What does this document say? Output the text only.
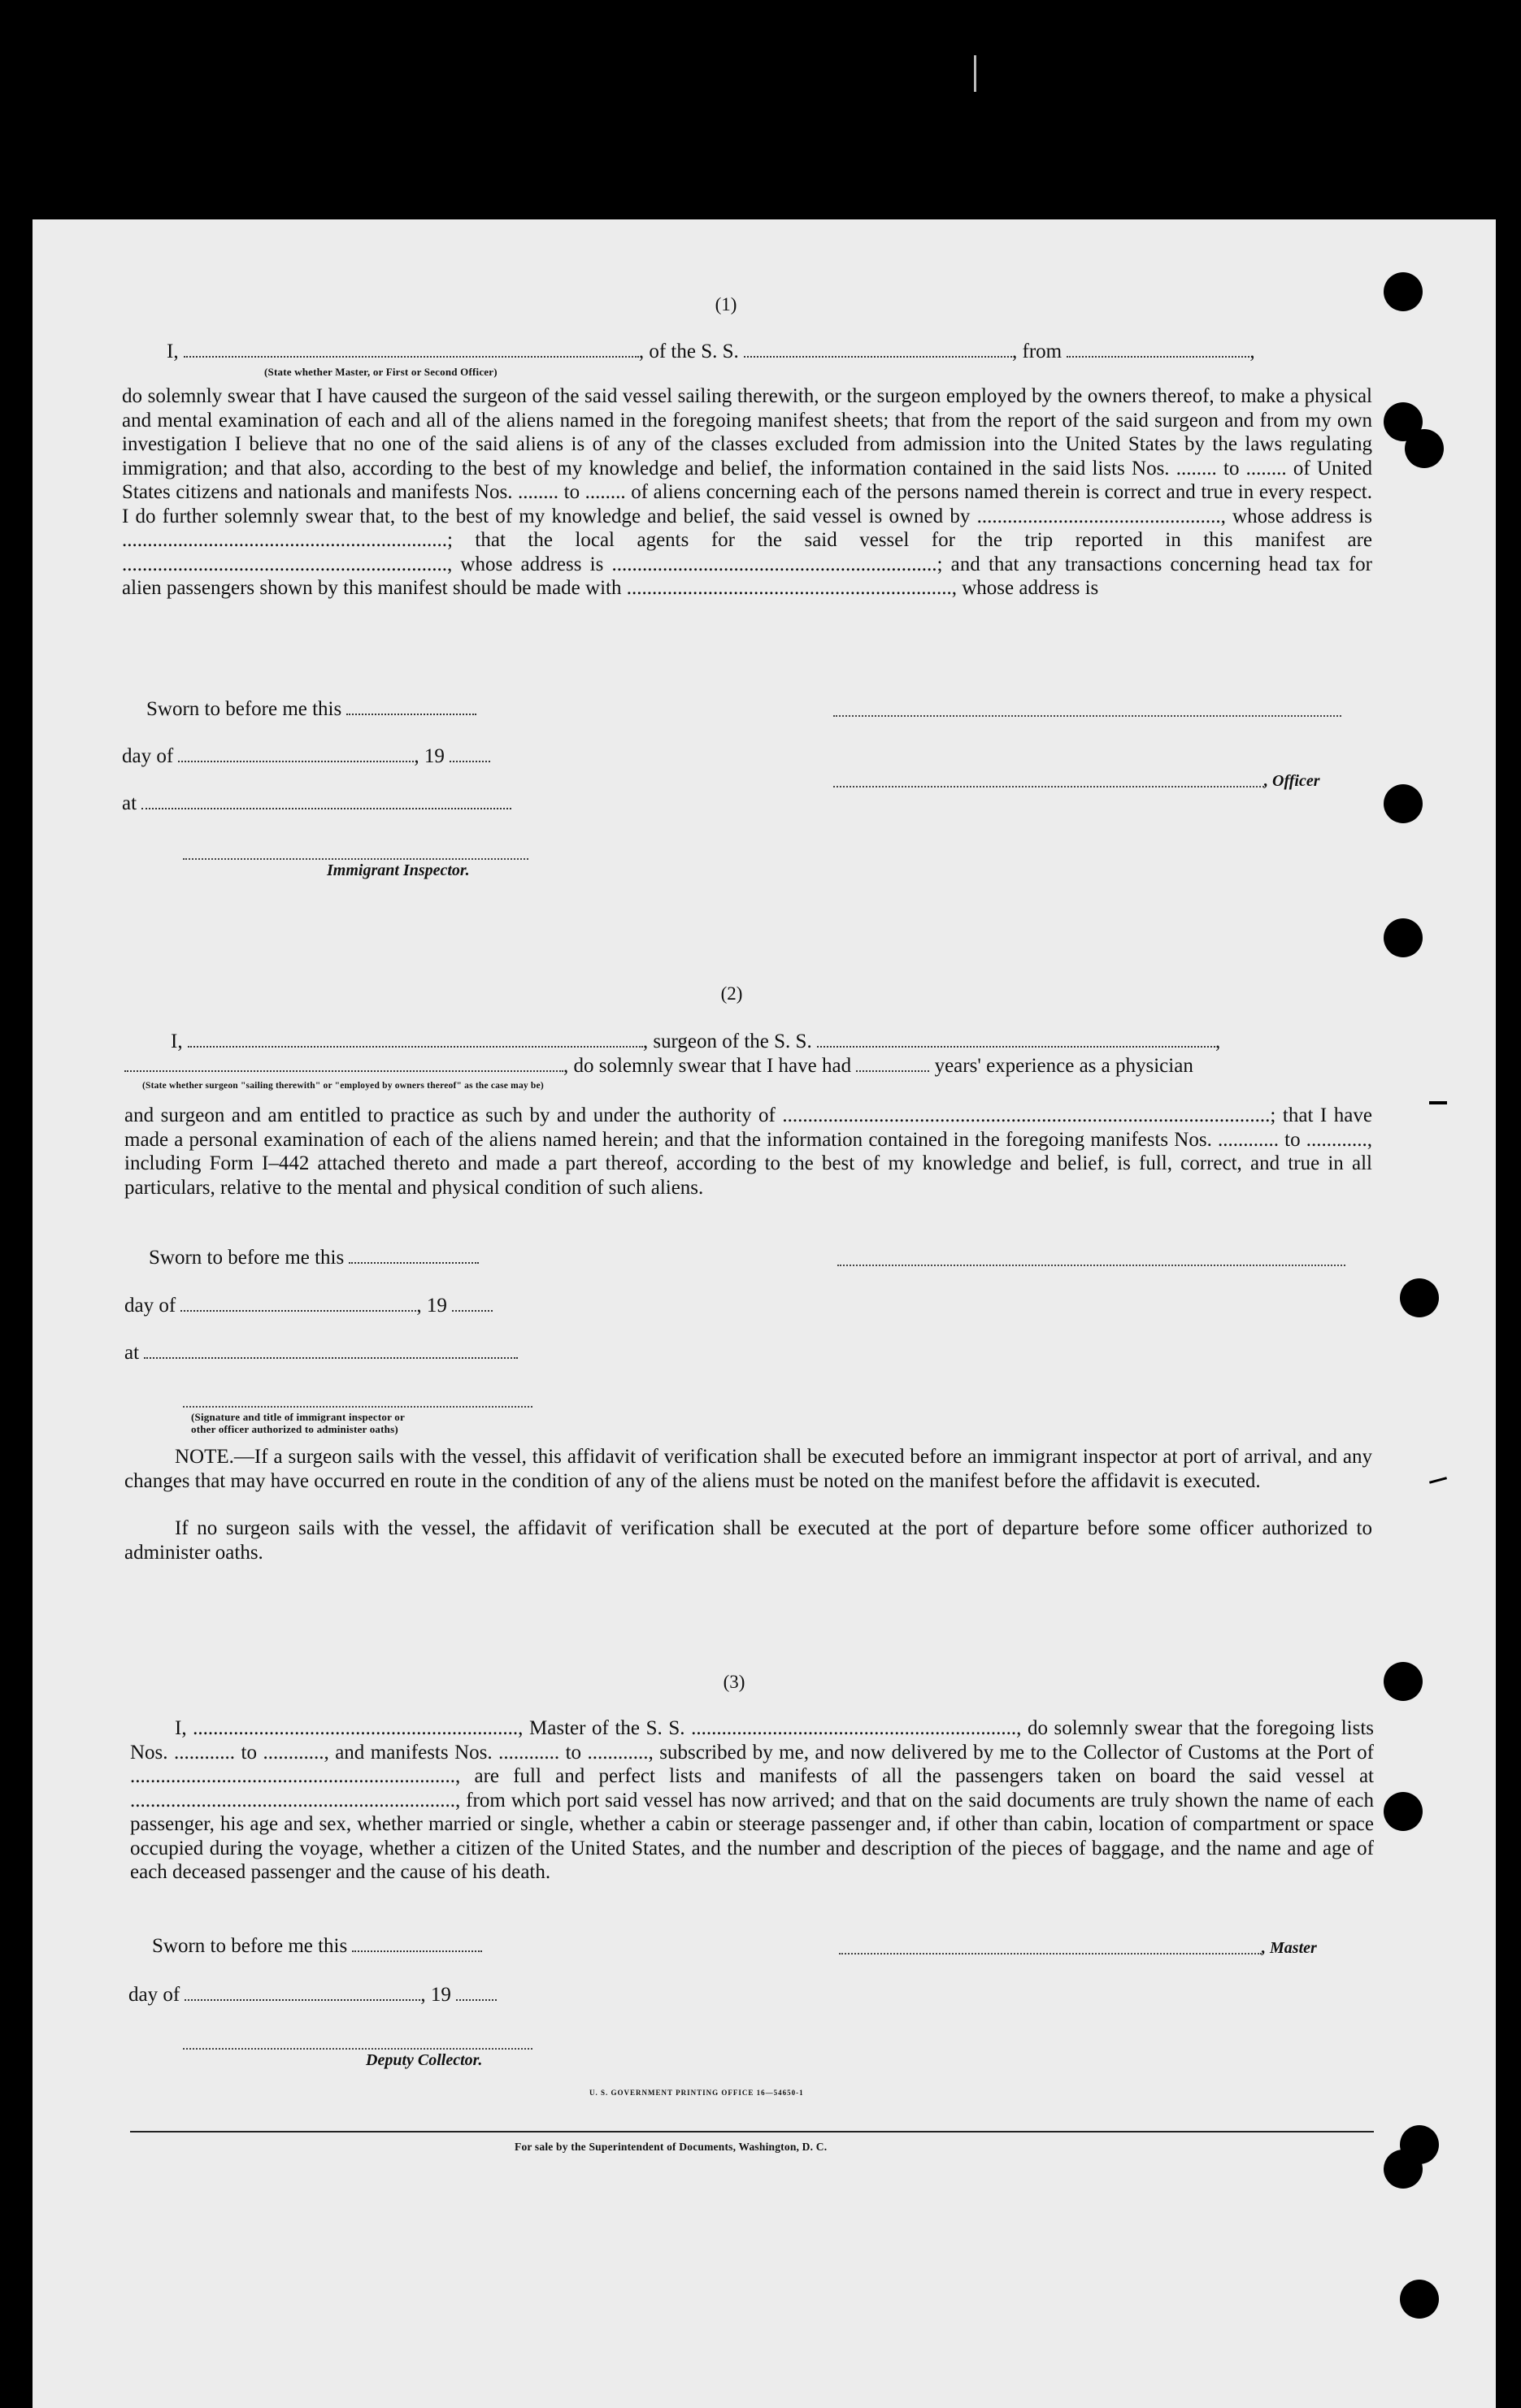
(1)
I,	, of the S. S.	, from	,
(State whether Master, or First or Second Officer)
do solemnly swear that I have caused the surgeon of the said vessel sailing therewith, or the surgeon employed by the owners thereof, to make a physical and mental examination of each and all of the aliens named in the foregoing manifest sheets; that from the report of the said surgeon and from my own investigation I believe that no one of the said aliens is of any of the classes excluded from admission into the United States by the laws regulating immigration; and that also, according to the best of my knowledge and belief, the information contained in the said lists Nos. ........ to ........ of United States citizens and nationals and manifests Nos. ........ to ........ of aliens concerning each of the persons named therein is correct and true in every respect. I do further solemnly swear that, to the best of my knowledge and belief, the said vessel is owned by ................................................, whose address is ................................................................; that the local agents for the said vessel for the trip reported in this manifest are ................................................................, whose address is ................................................................; and that any transactions concerning head tax for alien passengers shown by this manifest should be made with ................................................................, whose address is
Sworn to before me this
day of	, 19
, Officer
at
Immigrant Inspector.
(2)
I,	, surgeon of the S. S.	,
, do solemnly swear that I have had	years' experience as a physician
(State whether surgeon "sailing therewith" or "employed by owners thereof" as the case may be)
and surgeon and am entitled to practice as such by and under the authority of ................................................................................................; that I have made a personal examination of each of the aliens named herein; and that the information contained in the foregoing manifests Nos. ............ to ............, including Form I–442 attached thereto and made a part thereof, according to the best of my knowledge and belief, is full, correct, and true in all particulars, relative to the mental and physical condition of such aliens.
Sworn to before me this
day of	, 19
at
(Signature and title of immigrant inspector or
other officer authorized to administer oaths)
NOTE.—If a surgeon sails with the vessel, this affidavit of verification shall be executed before an immigrant inspector at port of arrival, and any changes that may have occurred en route in the condition of any of the aliens must be noted on the manifest before the affidavit is executed.
If no surgeon sails with the vessel, the affidavit of verification shall be executed at the port of departure before some officer authorized to administer oaths.
(3)
I, ................................................................, Master of the S. S. ................................................................, do solemnly swear that the foregoing lists Nos. ............ to ............, and manifests Nos. ............ to ............, subscribed by me, and now delivered by me to the Collector of Customs at the Port of ................................................................, are full and perfect lists and manifests of all the passengers taken on board the said vessel at ................................................................, from which port said vessel has now arrived; and that on the said documents are truly shown the name of each passenger, his age and sex, whether married or single, whether a cabin or steerage passenger and, if other than cabin, location of compartment or space occupied during the voyage, whether a citizen of the United States, and the number and description of the pieces of baggage, and the name and age of each deceased passenger and the cause of his death.
Sworn to before me this	, Master
day of	, 19
Deputy Collector.
U. S. GOVERNMENT PRINTING OFFICE 16—54650-1
For sale by the Superintendent of Documents, Washington, D. C.
